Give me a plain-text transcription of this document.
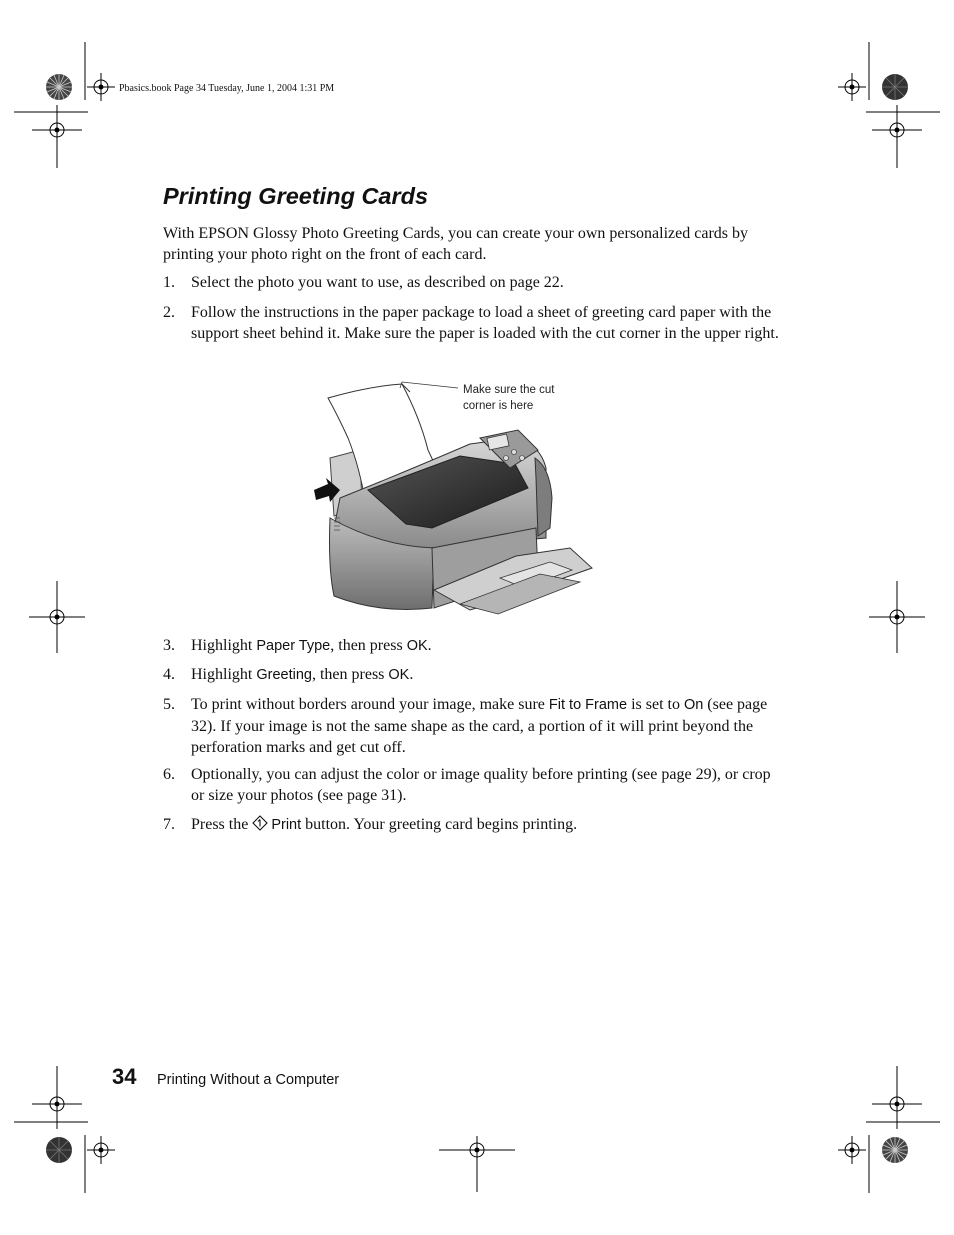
Pbasics.book Page 34 Tuesday, June 1, 2004 1:31 PM
Printing Greeting Cards

With EPSON Glossy Photo Greeting Cards, you can create your own personalized cards by printing your photo right on the front of each card.

1.	Select the photo you want to use, as described on page 22.
2.	Follow the instructions in the paper package to load a sheet of greeting card paper with the support sheet behind it. Make sure the paper is loaded with the cut corner in the upper right.
Make sure the cut
corner is here
3.	Highlight Paper Type, then press OK.
4.	Highlight Greeting, then press OK.
5.	To print without borders around your image, make sure Fit to Frame is set to On (see page 32). If your image is not the same shape as the card, a portion of it will print beyond the perforation marks and get cut off.
6.	Optionally, you can adjust the color or image quality before printing (see page 29), or crop or size your photos (see page 31).
7.	Press the Print button. Your greeting card begins printing.
34 Printing Without a Computer
